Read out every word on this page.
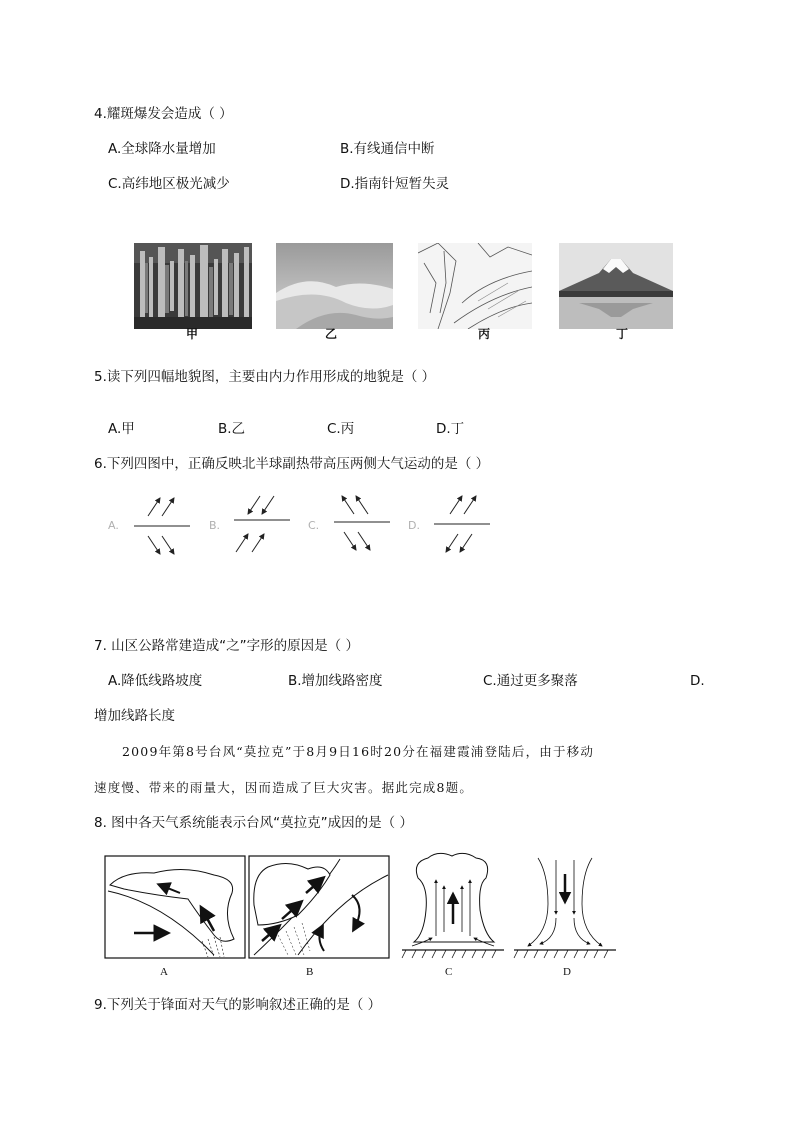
4.耀斑爆发会造成（ ）
A.全球降水量增加	B.有线通信中断
C.高纬地区极光减少	D.指南针短暂失灵
甲	乙	丙	丁
5.读下列四幅地貌图，主要由内力作用形成的地貌是（ ）
A.甲	B.乙	C.丙	D.丁
6.下列四图中，正确反映北半球副热带高压两侧大气运动的是（ ）
A.	B.	C.	D.
7. 山区公路常建造成“之”字形的原因是（ ）
A.降低线路坡度	B.增加线路密度	C.通过更多聚落	D.
增加线路长度
2009年第8号台风“莫拉克”于8月9日16时20分在福建霞浦登陆后，由于移动
速度慢、带来的雨量大，因而造成了巨大灾害。据此完成8题。
8. 图中各天气系统能表示台风“莫拉克”成因的是（ ）
A	B	C	D
9.下列关于锋面对天气的影响叙述正确的是（ ）
